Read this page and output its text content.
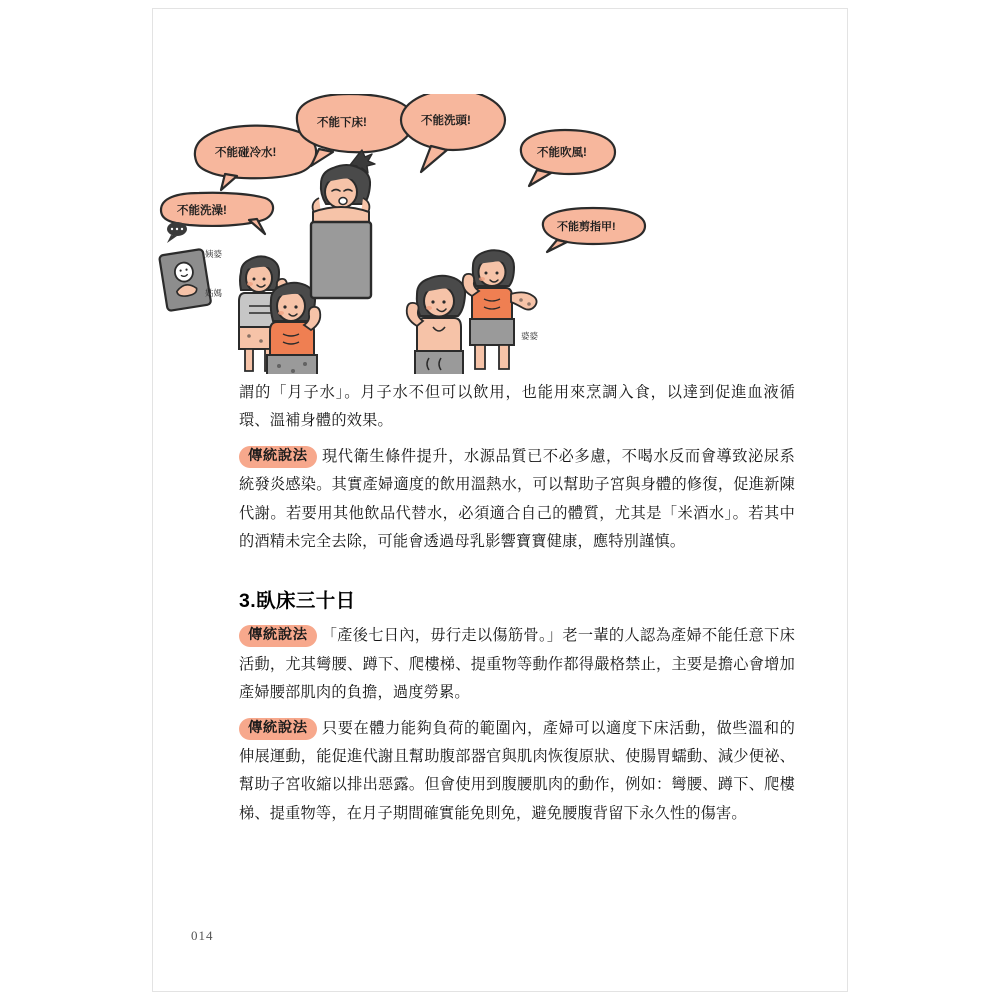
不能洗澡!
不能碰冷水!
不能下床!	不能洗頭!
不能吹風!
不能剪指甲!
姨婆
姑媽
婆婆

謂的「月子水」。月子水不但可以飲用，也能用來烹調入食，以達到促進血液循環、溫補身體的效果。

傳統說法 現代衛生條件提升，水源品質已不必多慮，不喝水反而會導致泌尿系統發炎感染。其實產婦適度的飲用溫熱水，可以幫助子宮與身體的修復，促進新陳代謝。若要用其他飲品代替水，必須適合自己的體質，尤其是「米酒水」。若其中的酒精未完全去除，可能會透過母乳影響寶寶健康，應特別謹慎。

3.臥床三十日

傳統說法 「產後七日內，毋行走以傷筋骨。」老一輩的人認為產婦不能任意下床活動，尤其彎腰、蹲下、爬樓梯、提重物等動作都得嚴格禁止，主要是擔心會增加產婦腰部肌肉的負擔，過度勞累。

傳統說法 只要在體力能夠負荷的範圍內，產婦可以適度下床活動，做些溫和的伸展運動，能促進代謝且幫助腹部器官與肌肉恢復原狀、使腸胃蠕動、減少便祕、幫助子宮收縮以排出惡露。但會使用到腹腰肌肉的動作，例如：彎腰、蹲下、爬樓梯、提重物等，在月子期間確實能免則免，避免腰腹背留下永久性的傷害。

014
